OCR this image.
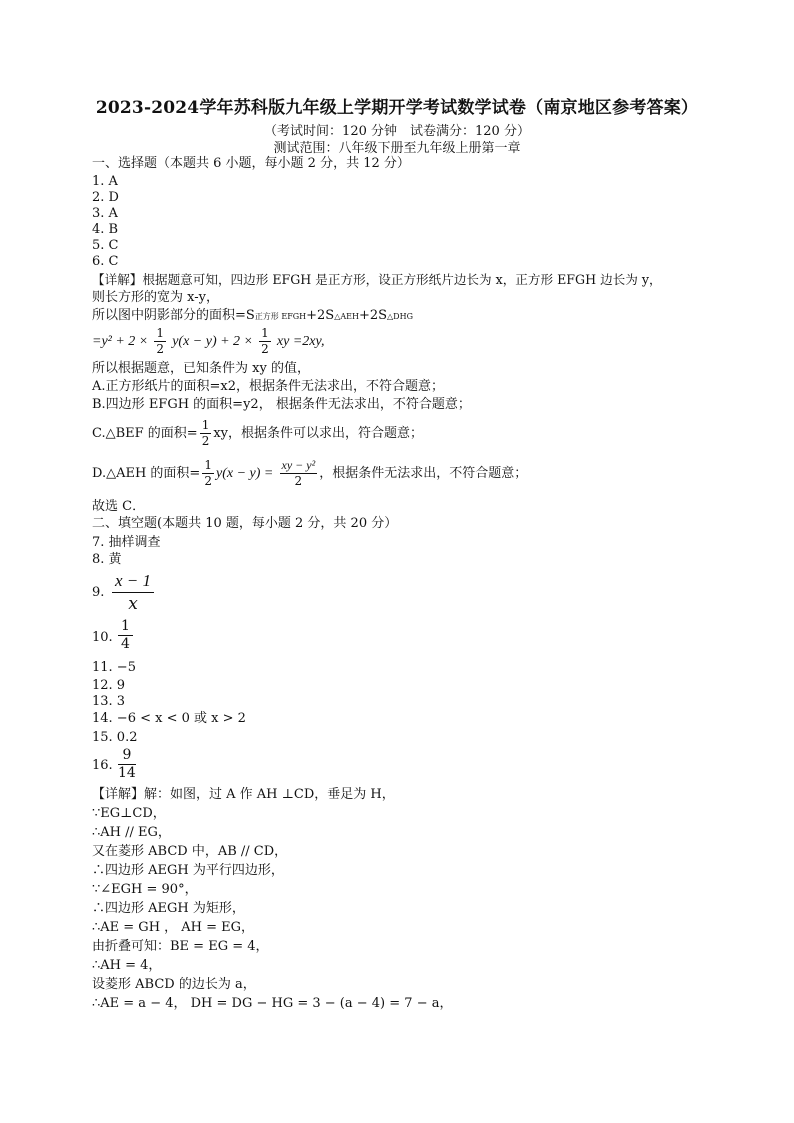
2023-2024学年苏科版九年级上学期开学考试数学试卷（南京地区参考答案）
（考试时间：120 分钟　试卷满分：120 分）
测试范围：八年级下册至九年级上册第一章
一、选择题（本题共 6 小题，每小题 2 分，共 12 分）
1. A
2. D
3. A
4. B
5. C
6. C
【详解】根据题意可知，四边形 EFGH 是正方形，设正方形纸片边长为 x，正方形 EFGH 边长为 y，
则长方形的宽为 x-y，
所以图中阴影部分的面积=S正方形 EFGH+2S△AEH+2S△DHG
$=y^2 + 2 \times \frac{1}{2} y(x - y) + 2 \times \frac{1}{2}$ xy =2xy,
所以根据题意，已知条件为 xy 的值，
A.正方形纸片的面积=x2，根据条件无法求出，不符合题意；
B.四边形 EFGH 的面积=y2， 根据条件无法求出，不符合题意；
C.△BEF 的面积= $\frac{1}{2}$ xy，根据条件可以求出，符合题意；
D.△AEH 的面积= $\frac{1}{2} y(x - y) = \frac{\text{xy − y²}}{2}$ ，根据条件无法求出，不符合题意；
故选 C．
二、填空题(本题共 10 题，每小题 2 分，共 20 分）
7. 抽样调查
8. 黄
9.
x − 1
x
10.
1
4
11. −5
12. 9
13. 3
14. −6 < x < 0 或 x > 2
15. 0.2
16.
9
14
【详解】解：如图，过 A 作 AH ⊥CD，垂足为 H，
∵EG⊥CD，
∴AH // EG，
又在菱形 ABCD 中，AB // CD，
∴四边形 AEGH 为平行四边形，
∵∠EGH = 90°，
∴四边形 AEGH 为矩形，
∴AE = GH ， AH = EG，
由折叠可知：BE = EG = 4，
∴AH = 4，
设菱形 ABCD 的边长为 a，
∴AE = a − 4， DH = DG − HG = 3 − (a − 4) = 7 − a，
